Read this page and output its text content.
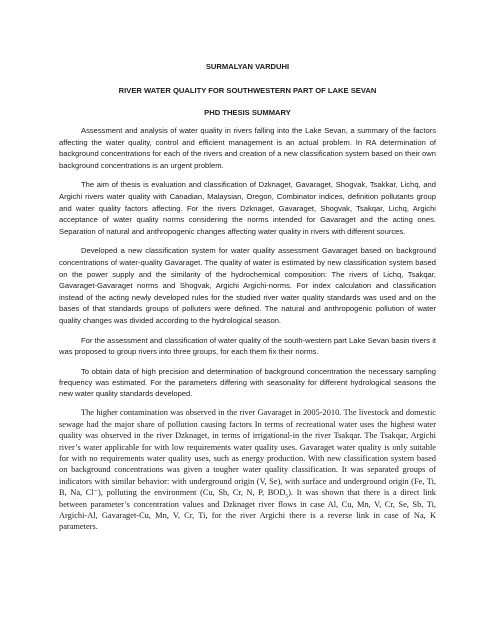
SURMALYAN VARDUHI
RIVER WATER QUALITY FOR SOUTHWESTERN PART OF LAKE SEVAN
PHD THESIS SUMMARY

Assessment and analysis of water quality in rivers falling into the Lake Sevan, a summary of the factors affecting the water quality, control and efficient management is an actual problem. In RA determination of background concentrations for each of the rivers and creation of a new classification system based on their own background concentrations is an urgent problem.

The aim of thesis is evaluation and classification of Dzknaget, Gavaraget, Shogvak, Tsakkar, Lichq, and Argichi rivers water quality with Canadian, Malaysian, Oregon, Combinator indices, definition pollutants group and water quality factors affecting. For the rivers Dzknaget, Gavaraget, Shogvak, Tsakqar, Lichq, Argichi acceptance of water quality norms considering the norms intended for Gavaraget and the acting ones. Separation of natural and anthropogenic changes affecting water quality in rivers with different sources.

Developed a new classification system for water quality assessment Gavaraget based on background concentrations of water-quality Gavaraget. The quality of water is estimated by new classification system based on the power supply and the similarity of the hydrochemical composition: The rivers of Lichq, Tsakqar, Gavaraget-Gavaraget norms and Shogvak, Argichi Argichi-norms. For index calculation and classification instead of the acting newly developed rules for the studied river water quality standards was used and on the bases of that standards groups of polluters were defined. The natural and anthropogenic pollution of water quality changes was divided according to the hydrological season.

For the assessment and classification of water quality of the south-western part Lake Sevan basin rivers it was proposed to group rivers into three groups, for each them fix their norms.

To obtain data of high precision and determination of background concentration the necessary sampling frequency was estimated. For the parameters differing with seasonality for different hydrological seasons the new water quality standards developed.

The higher contamination was observed in the river Gavaraget in 2005-2010. The livestock and domestic sewage had the major share of pollution causing factors In terms of recreational water uses the highest water quality was observed in the river Dzknaget, in terms of irrigational-in the river Tsakqar. The Tsakqar, Argichi river’s water applicable for with low requirements water quality uses. Gavaraget water quality is only suitable for with no requirements water quality uses, such as energy production. With new classification system based on background concentrations was given a tougher water quality classification. It was separated groups of indicators with similar behavior: with underground origin (V, Se), with surface and underground origin (Fe, Ti, B, Na, Cl⁻), polluting the environment (Cu, Sb, Cr, N, P, $BOD_5$). It was shown that there is a direct link between parameter’s concentration values and Dzknaget river flows in case Al, Cu, Mn, V, Cr, Se, Sb, Ti, Argichi-Al, Gavaraget-Cu, Mn, V, Cr, Ti, for the river Argichi there is a reverse link in case of Na, K parameters.
